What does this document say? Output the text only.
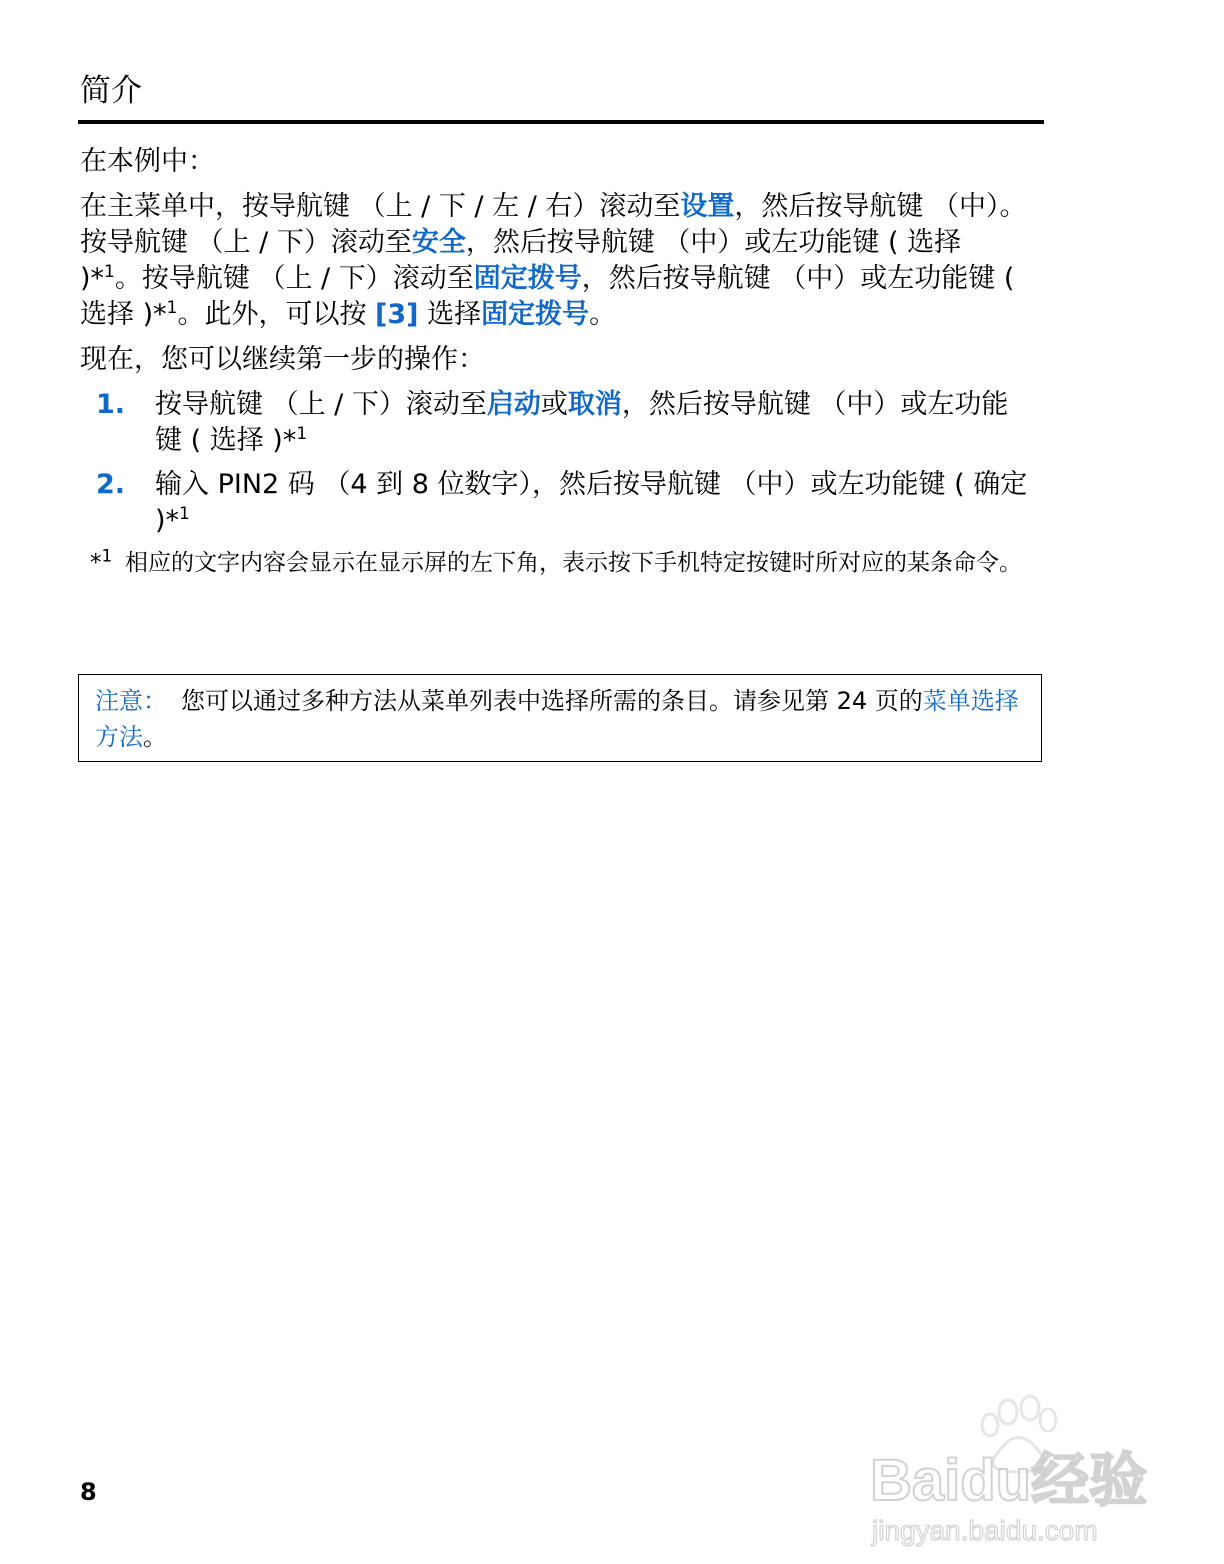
简介

在本例中：

在主菜单中，按导航键 （上 / 下 / 左 / 右）滚动至设置，然后按导航键 （中）。按导航键 （上 / 下）滚动至安全，然后按导航键 （中）或左功能键 ( 选择 )*$^1$。按导航键 （上 / 下）滚动至固定拨号，然后按导航键 （中）或左功能键 ( 选择 )*$^1$。此外，可以按 [3] 选择固定拨号。

现在，您可以继续第一步的操作：

1. 按导航键 （上 / 下）滚动至启动或取消，然后按导航键 （中）或左功能键 ( 选择 )*$^1$
2. 输入 PIN2 码 （4 到 8 位数字），然后按导航键 （中）或左功能键 ( 确定 )*$^1$
*$^1$ 相应的文字内容会显示在显示屏的左下角，表示按下手机特定按键时所对应的某条命令。
注意： 您可以通过多种方法从菜单列表中选择所需的条目。请参见第 24 页的菜单选择方法。
8	Baidu经验
jingyan.baidu.com
